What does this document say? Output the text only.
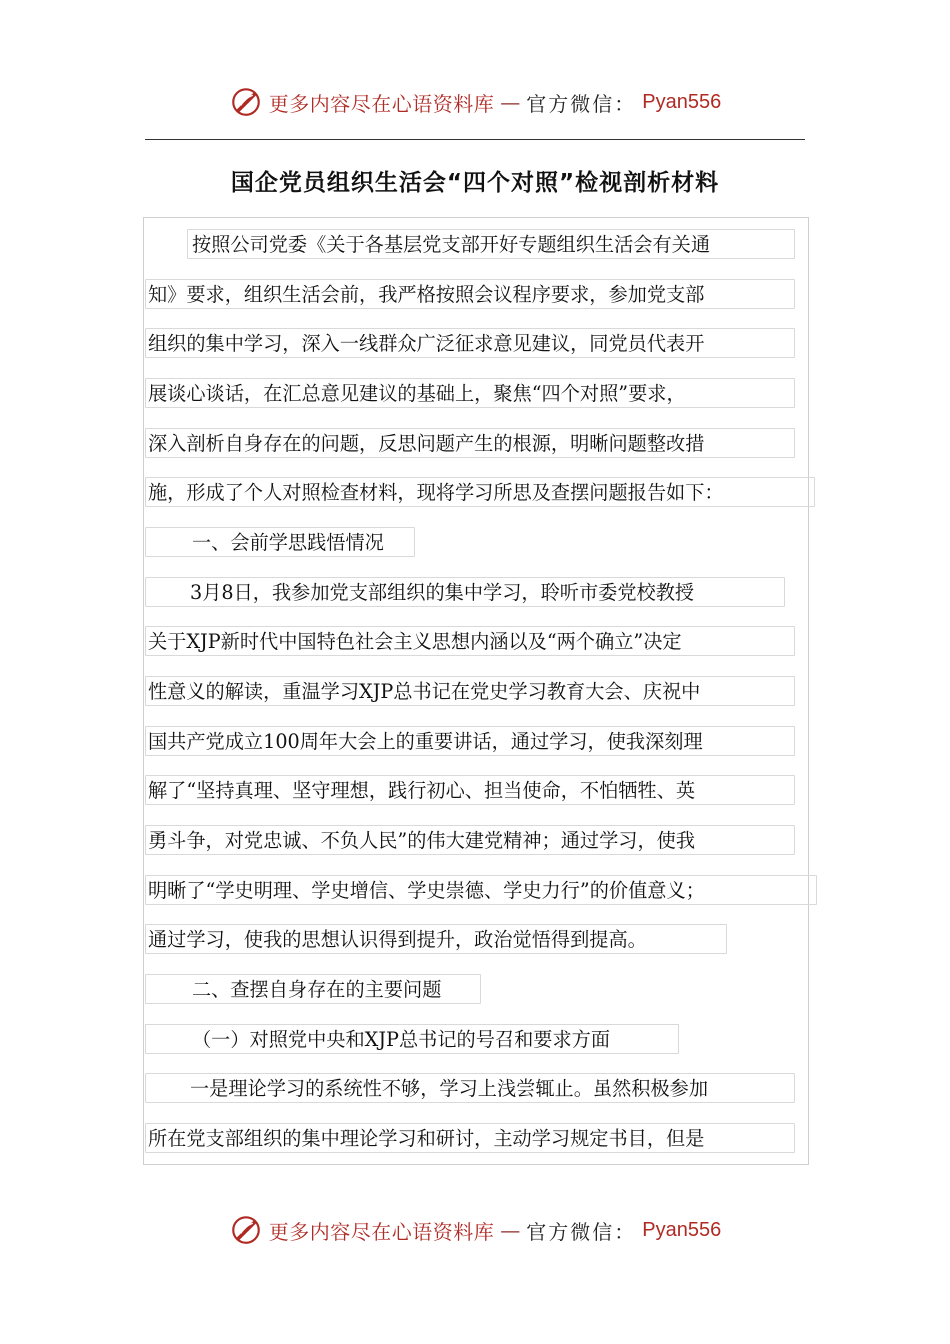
更多内容尽在心语资料库 — 官方微信： Pyan556
国企党员组织生活会“四个对照”检视剖析材料
按照公司党委《关于各基层党支部开好专题组织生活会有关通
知》要求，组织生活会前，我严格按照会议程序要求，参加党支部
组织的集中学习，深入一线群众广泛征求意见建议，同党员代表开
展谈心谈话，在汇总意见建议的基础上，聚焦“四个对照”要求，
深入剖析自身存在的问题，反思问题产生的根源，明晰问题整改措
施，形成了个人对照检查材料，现将学习所思及查摆问题报告如下：
一、会前学思践悟情况
3月8日，我参加党支部组织的集中学习，聆听市委党校教授
关于XJP新时代中国特色社会主义思想内涵以及“两个确立”决定
性意义的解读，重温学习XJP总书记在党史学习教育大会、庆祝中
国共产党成立100周年大会上的重要讲话，通过学习，使我深刻理
解了“坚持真理、坚守理想，践行初心、担当使命，不怕牺牲、英
勇斗争，对党忠诚、不负人民”的伟大建党精神；通过学习，使我
明晰了“学史明理、学史增信、学史崇德、学史力行”的价值意义；
通过学习，使我的思想认识得到提升，政治觉悟得到提高。
二、查摆自身存在的主要问题
（一）对照党中央和XJP总书记的号召和要求方面
一是理论学习的系统性不够，学习上浅尝辄止。虽然积极参加
所在党支部组织的集中理论学习和研讨，主动学习规定书目，但是
更多内容尽在心语资料库 — 官方微信： Pyan556
